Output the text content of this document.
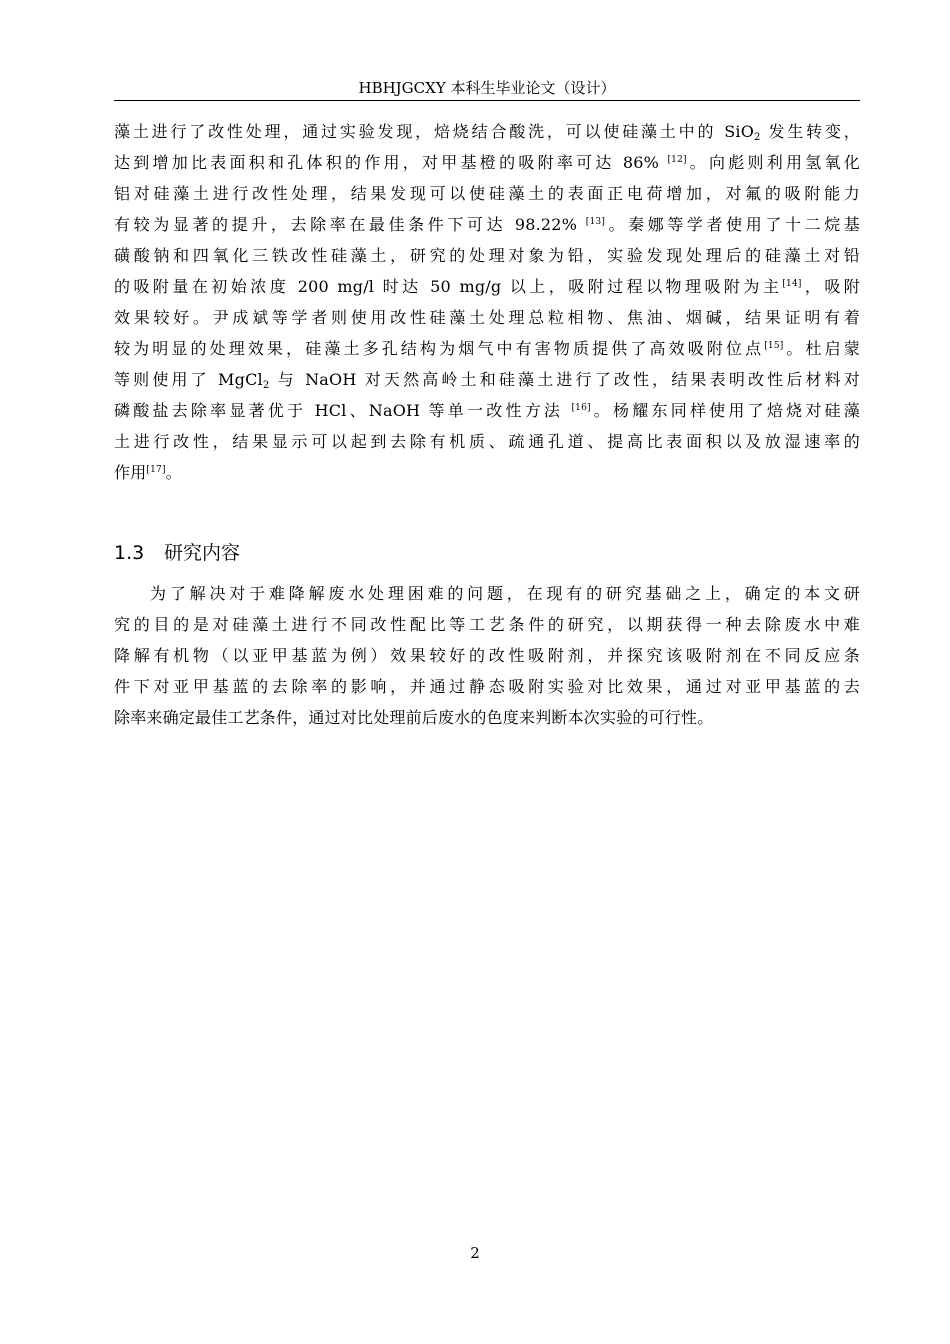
HBHJGCXY 本科生毕业论文（设计）
藻土进行了改性处理，通过实验发现，焙烧结合酸洗，可以使硅藻土中的 SiO$_2$ 发生转变，
达到增加比表面积和孔体积的作用，对甲基橙的吸附率可达 86% [12]。向彪则利用氢氧化
铝对硅藻土进行改性处理，结果发现可以使硅藻土的表面正电荷增加，对氟的吸附能力
有较为显著的提升，去除率在最佳条件下可达 98.22% [13]。秦娜等学者使用了十二烷基
磺酸钠和四氧化三铁改性硅藻土，研究的处理对象为铅，实验发现处理后的硅藻土对铅
的吸附量在初始浓度 200 mg/l 时达 50 mg/g 以上，吸附过程以物理吸附为主[14]，吸附
效果较好。尹成斌等学者则使用改性硅藻土处理总粒相物、焦油、烟碱，结果证明有着
较为明显的处理效果，硅藻土多孔结构为烟气中有害物质提供了高效吸附位点[15]。杜启蒙
等则使用了 MgCl$_2$ 与 NaOH 对天然高岭土和硅藻土进行了改性，结果表明改性后材料对
磷酸盐去除率显著优于 HCl、NaOH 等单一改性方法 [16]。杨耀东同样使用了焙烧对硅藻
土进行改性，结果显示可以起到去除有机质、疏通孔道、提高比表面积以及放湿速率的
作用[17]。
1.3 研究内容
为了解决对于难降解废水处理困难的问题，在现有的研究基础之上，确定的本文研
究的目的是对硅藻土进行不同改性配比等工艺条件的研究，以期获得一种去除废水中难
降解有机物（以亚甲基蓝为例）效果较好的改性吸附剂，并探究该吸附剂在不同反应条
件下对亚甲基蓝的去除率的影响，并通过静态吸附实验对比效果，通过对亚甲基蓝的去
除率来确定最佳工艺条件，通过对比处理前后废水的色度来判断本次实验的可行性。
2
